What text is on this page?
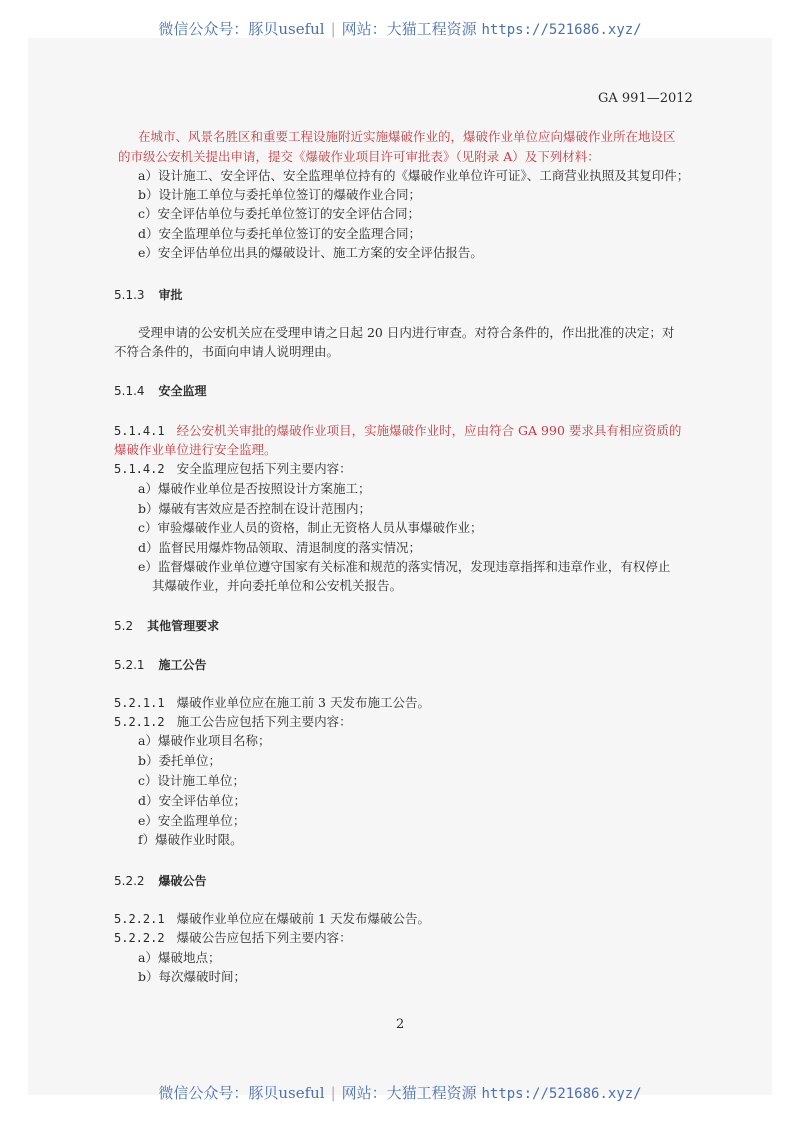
微信公众号：豚贝useful | 网站：大猫工程资源 https://521686.xyz/
GA 991—2012
在城市、风景名胜区和重要工程设施附近实施爆破作业的，爆破作业单位应向爆破作业所在地设区
的市级公安机关提出申请，提交《爆破作业项目许可审批表》（见附录 A）及下列材料：
a）设计施工、安全评估、安全监理单位持有的《爆破作业单位许可证》、工商营业执照及其复印件；
b）设计施工单位与委托单位签订的爆破作业合同；
c）安全评估单位与委托单位签订的安全评估合同；
d）安全监理单位与委托单位签订的安全监理合同；
e）安全评估单位出具的爆破设计、施工方案的安全评估报告。
5.1.3 审批
受理申请的公安机关应在受理申请之日起 20 日内进行审查。对符合条件的，作出批准的决定；对
不符合条件的，书面向申请人说明理由。
5.1.4 安全监理
5.1.4.1 经公安机关审批的爆破作业项目，实施爆破作业时，应由符合 GA 990 要求具有相应资质的
爆破作业单位进行安全监理。
5.1.4.2 安全监理应包括下列主要内容：
a）爆破作业单位是否按照设计方案施工；
b）爆破有害效应是否控制在设计范围内；
c）审验爆破作业人员的资格，制止无资格人员从事爆破作业；
d）监督民用爆炸物品领取、清退制度的落实情况；
e）监督爆破作业单位遵守国家有关标准和规范的落实情况，发现违章指挥和违章作业，有权停止
其爆破作业，并向委托单位和公安机关报告。
5.2 其他管理要求
5.2.1 施工公告
5.2.1.1 爆破作业单位应在施工前 3 天发布施工公告。
5.2.1.2 施工公告应包括下列主要内容：
a）爆破作业项目名称；
b）委托单位；
c）设计施工单位；
d）安全评估单位；
e）安全监理单位；
f）爆破作业时限。
5.2.2 爆破公告
5.2.2.1 爆破作业单位应在爆破前 1 天发布爆破公告。
5.2.2.2 爆破公告应包括下列主要内容：
a）爆破地点；
b）每次爆破时间；
2
微信公众号：豚贝useful | 网站：大猫工程资源 https://521686.xyz/
